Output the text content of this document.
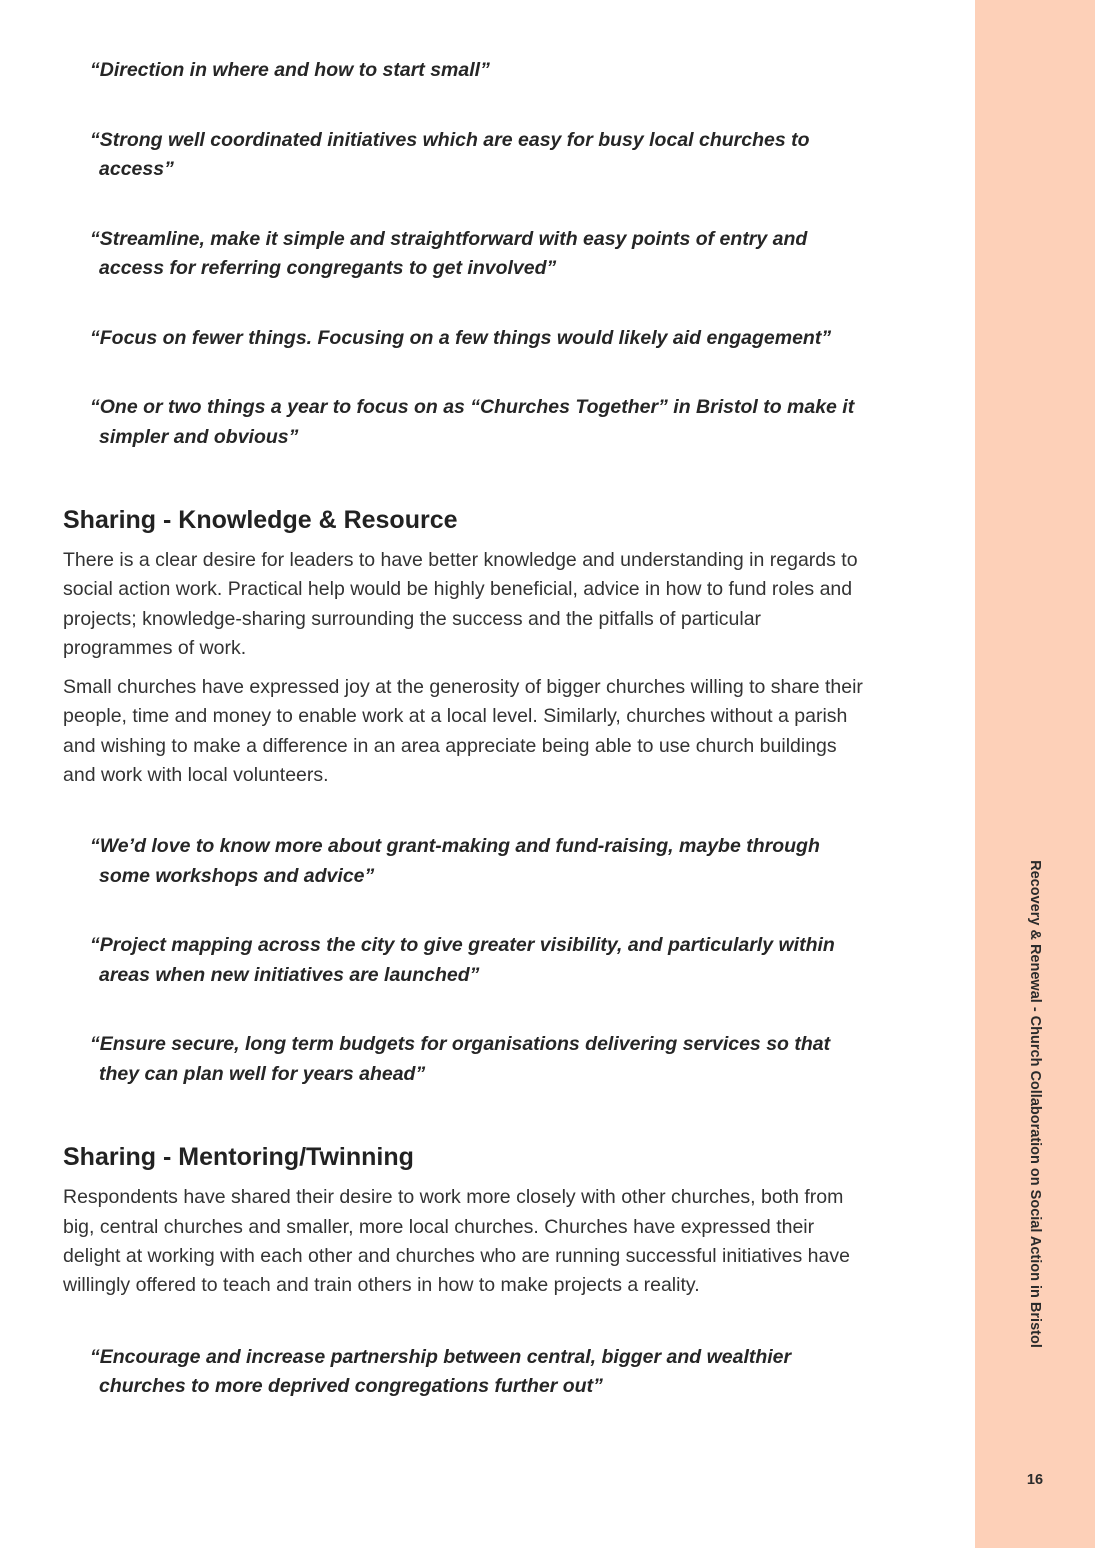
“Direction in where and how to start small”

“Strong well coordinated initiatives which are easy for busy local churches to access”

“Streamline, make it simple and straightforward with easy points of entry and access for referring congregants to get involved”

“Focus on fewer things. Focusing on a few things would likely aid engagement”

“One or two things a year to focus on as “Churches Together” in Bristol to make it simpler and obvious”

Sharing - Knowledge & Resource

There is a clear desire for leaders to have better knowledge and understanding in regards to social action work. Practical help would be highly beneficial, advice in how to fund roles and projects; knowledge-sharing surrounding the success and the pitfalls of particular programmes of work.

Small churches have expressed joy at the generosity of bigger churches willing to share their people, time and money to enable work at a local level. Similarly, churches without a parish and wishing to make a difference in an area appreciate being able to use church buildings and work with local volunteers.

“We’d love to know more about grant-making and fund-raising, maybe through some workshops and advice”

“Project mapping across the city to give greater visibility, and particularly within areas when new initiatives are launched”

“Ensure secure, long term budgets for organisations delivering services so that they can plan well for years ahead”

Sharing - Mentoring/Twinning

Respondents have shared their desire to work more closely with other churches, both from big, central churches and smaller, more local churches. Churches have expressed their delight at working with each other and churches who are running successful initiatives have willingly offered to teach and train others in how to make projects a reality.

“Encourage and increase partnership between central, bigger and wealthier churches to more deprived congregations further out”

Recovery & Renewal - Church Collaboration on Social Action in Bristol
16
